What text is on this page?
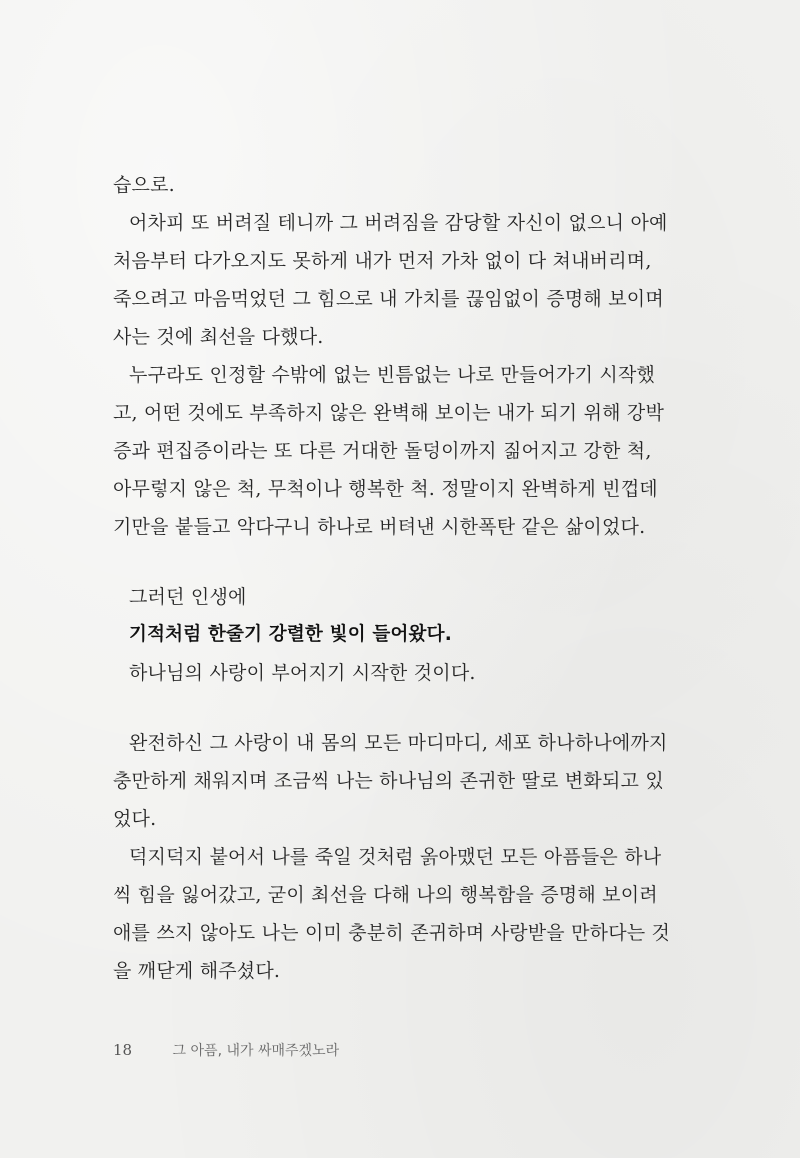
습으로.
어차피 또 버려질 테니까 그 버려짐을 감당할 자신이 없으니 아예
처음부터 다가오지도 못하게 내가 먼저 가차 없이 다 쳐내버리며,
죽으려고 마음먹었던 그 힘으로 내 가치를 끊임없이 증명해 보이며
사는 것에 최선을 다했다.
누구라도 인정할 수밖에 없는 빈틈없는 나로 만들어가기 시작했
고, 어떤 것에도 부족하지 않은 완벽해 보이는 내가 되기 위해 강박
증과 편집증이라는 또 다른 거대한 돌덩이까지 짊어지고 강한 척,
아무렇지 않은 척, 무척이나 행복한 척. 정말이지 완벽하게 빈껍데
기만을 붙들고 악다구니 하나로 버텨낸 시한폭탄 같은 삶이었다.
그러던 인생에
기적처럼 한줄기 강렬한 빛이 들어왔다.
하나님의 사랑이 부어지기 시작한 것이다.
완전하신 그 사랑이 내 몸의 모든 마디마디, 세포 하나하나에까지
충만하게 채워지며 조금씩 나는 하나님의 존귀한 딸로 변화되고 있
었다.
덕지덕지 붙어서 나를 죽일 것처럼 옭아맸던 모든 아픔들은 하나
씩 힘을 잃어갔고, 굳이 최선을 다해 나의 행복함을 증명해 보이려
애를 쓰지 않아도 나는 이미 충분히 존귀하며 사랑받을 만하다는 것
을 깨닫게 해주셨다.
18	그 아픔, 내가 싸매주겠노라
